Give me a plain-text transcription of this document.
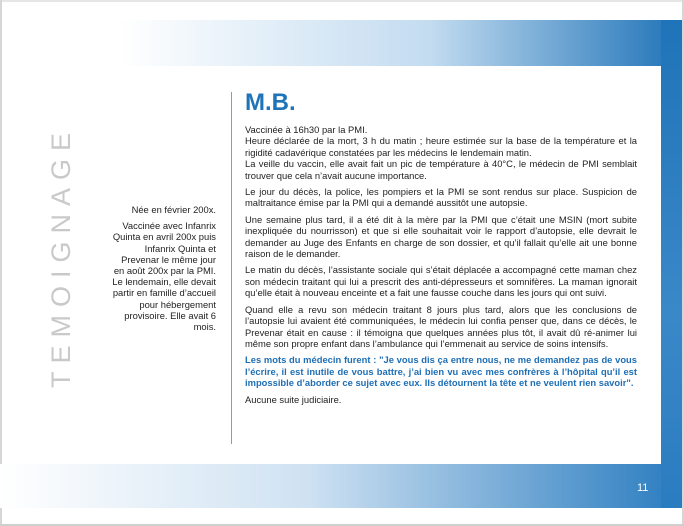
TEMOIGNAGE	Née en février 200x.

Vaccinée avec Infanrix Quinta en avril 200x puis Infanrix Quinta et Prevenar le même jour en août 200x par la PMI. Le lendemain, elle devait partir en famille d’accueil pour hébergement provisoire. Elle avait 6 mois.

M.B.

Vaccinée à 16h30 par la PMI.
Heure déclarée de la mort, 3 h du matin ; heure estimée sur la base de la température et la rigidité cadavérique constatées par les médecins le lendemain matin.
La veille du vaccin, elle avait fait un pic de température à 40°C, le médecin de PMI semblait trouver que cela n’avait aucune importance.

Le jour du décès, la police, les pompiers et la PMI se sont rendus sur place. Suspicion de maltraitance émise par la PMI qui a demandé aussitôt une autopsie.

Une semaine plus tard, il a été dit à la mère par la PMI que c’était une MSIN (mort subite inexpliquée du nourrisson) et que si elle souhaitait voir le rapport d’autopsie, elle devrait le demander au Juge des Enfants en charge de son dossier, et qu’il fallait qu’elle ait une bonne raison de le demander.

Le matin du décès, l’assistante sociale qui s’était déplacée a accompagné cette maman chez son médecin traitant qui lui a prescrit des anti-dépresseurs et somnifères. La maman ignorait qu’elle était à nouveau enceinte et a fait une fausse couche dans les jours qui ont suivi.

Quand elle a revu son médecin traitant 8 jours plus tard, alors que les conclusions de l’autopsie lui avaient été communiquées, le médecin lui confia penser que, dans ce décès, le Prevenar était en cause : il témoigna que quelques années plus tôt, il avait dû ré-animer lui même son propre enfant dans l’ambulance qui l’emmenait au service de soins intensifs.

Les mots du médecin furent : "Je vous dis ça entre nous, ne me demandez pas de vous l’écrire, il est inutile de vous battre, j’ai bien vu avec mes confrères à l’hôpital qu’il est impossible d’aborder ce sujet avec eux. Ils détournent la tête et ne veulent rien savoir".

Aucune suite judiciaire.

11
